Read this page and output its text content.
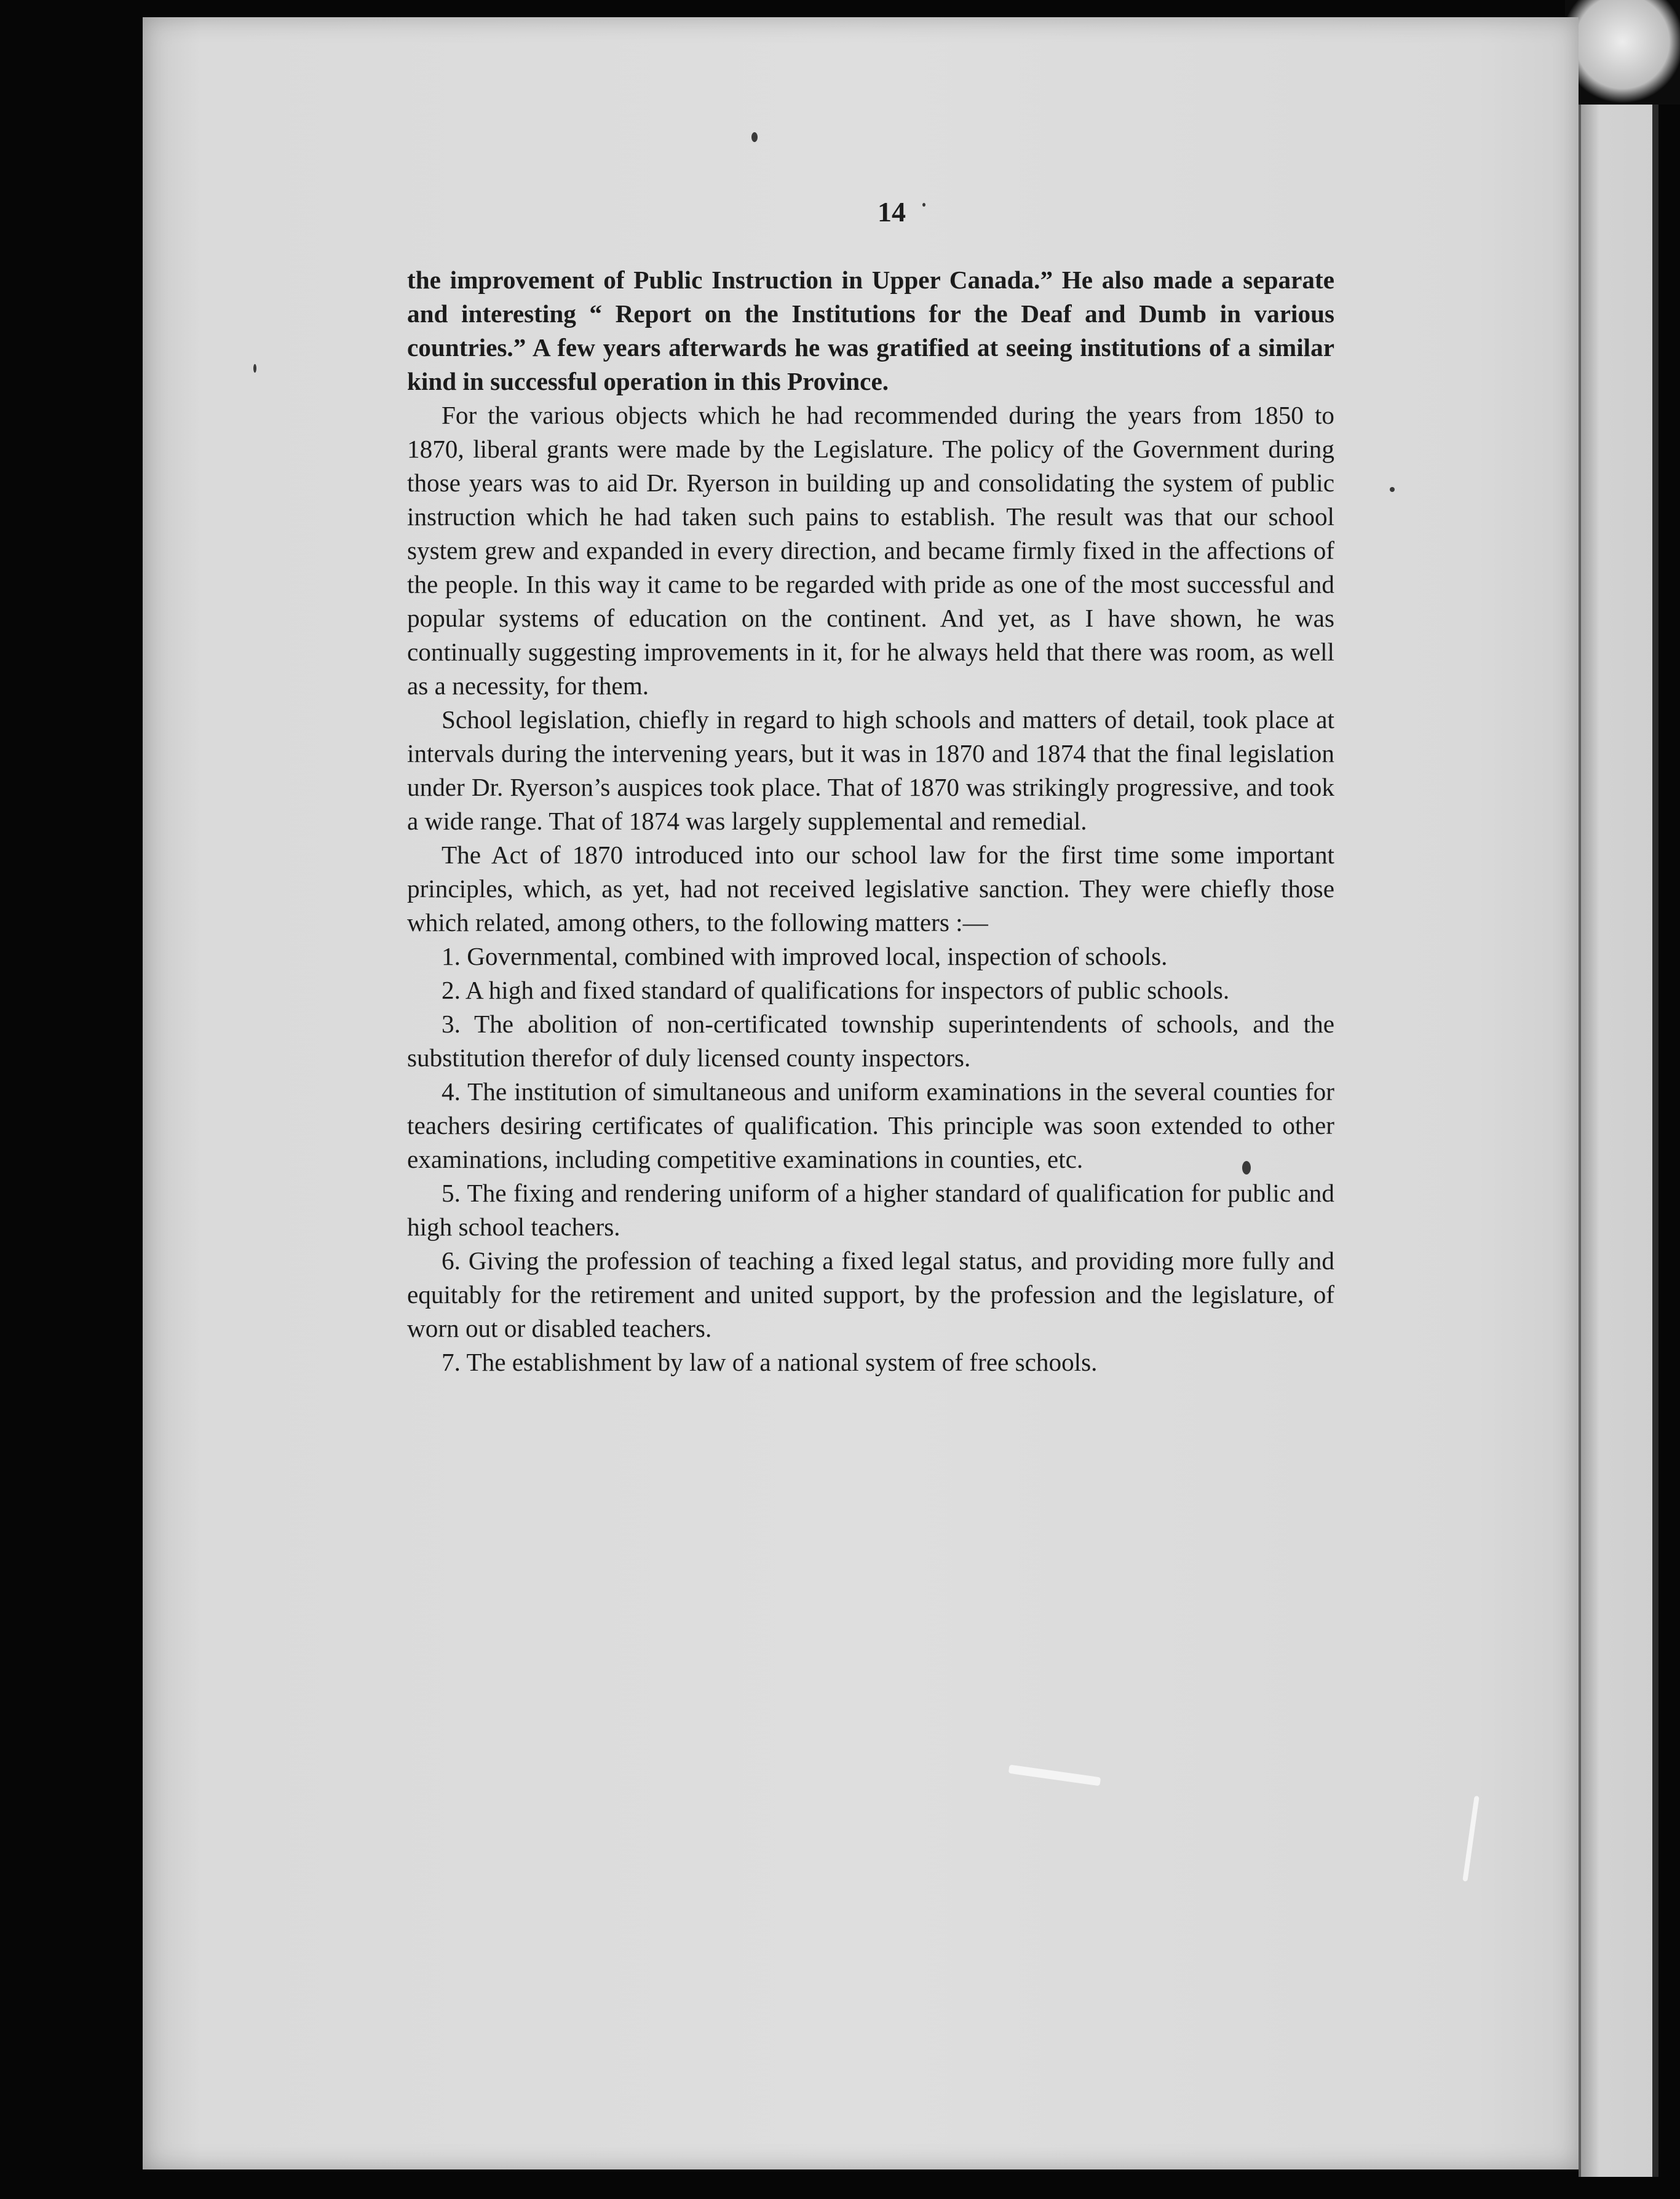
14

the improvement of Public Instruction in Upper Canada.” He also made a separate and interesting “ Report on the Institutions for the Deaf and Dumb in various countries.” A few years afterwards he was gratified at seeing institutions of a similar kind in successful operation in this Province.

For the various objects which he had recommended during the years from 1850 to 1870, liberal grants were made by the Legislature. The policy of the Government during those years was to aid Dr. Ryerson in building up and consolidating the system of public instruction which he had taken such pains to establish. The result was that our school system grew and expanded in every direction, and became firmly fixed in the affections of the people. In this way it came to be regarded with pride as one of the most successful and popular systems of education on the continent. And yet, as I have shown, he was continually suggesting improvements in it, for he always held that there was room, as well as a necessity, for them.

School legislation, chiefly in regard to high schools and matters of detail, took place at intervals during the intervening years, but it was in 1870 and 1874 that the final legislation under Dr. Ryerson’s auspices took place. That of 1870 was strikingly progressive, and took a wide range. That of 1874 was largely supplemental and remedial.

The Act of 1870 introduced into our school law for the first time some important principles, which, as yet, had not received legislative sanction. They were chiefly those which related, among others, to the following matters :—

1. Governmental, combined with improved local, inspection of schools.

2. A high and fixed standard of qualifications for inspectors of public schools.

3. The abolition of non-certificated township superintendents of schools, and the substitution therefor of duly licensed county inspectors.

4. The institution of simultaneous and uniform examinations in the several counties for teachers desiring certificates of qualification. This principle was soon extended to other examinations, including competitive examinations in counties, etc.

5. The fixing and rendering uniform of a higher standard of qualification for public and high school teachers.

6. Giving the profession of teaching a fixed legal status, and providing more fully and equitably for the retirement and united support, by the profession and the legislature, of worn out or disabled teachers.

7. The establishment by law of a national system of free schools.
